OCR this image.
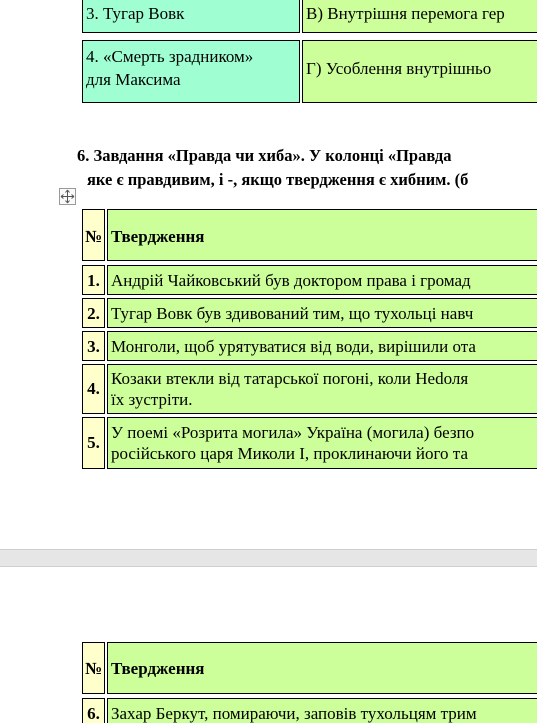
3. Тугар Вовк	В) Внутрішня перемога гер
4. «Смерть зрадником»
для Максима
Г) Усоблення внутрішньо
6. Завдання «Правда чи хиба». У колонці «Правда
яке є правдивим, і -, якщо твердження є хибним. (б
№ Твердження
1. Андрій Чайковський був доктором права і громад
2. Тугар Вовк був здивований тим, що тухольці навч
3. Монголи, щоб урятуватися від води, вирішили ота
4.
Козаки втекли від татарської погоні, коли Неdоля
їх зустріти.
5.
У поемі «Розрита могила» Україна (могила) безпо
російського царя Миколи І, проклинаючи його та
№ Твердження
6. Захар Беркут, помираючи, заповів тухольцям трим
